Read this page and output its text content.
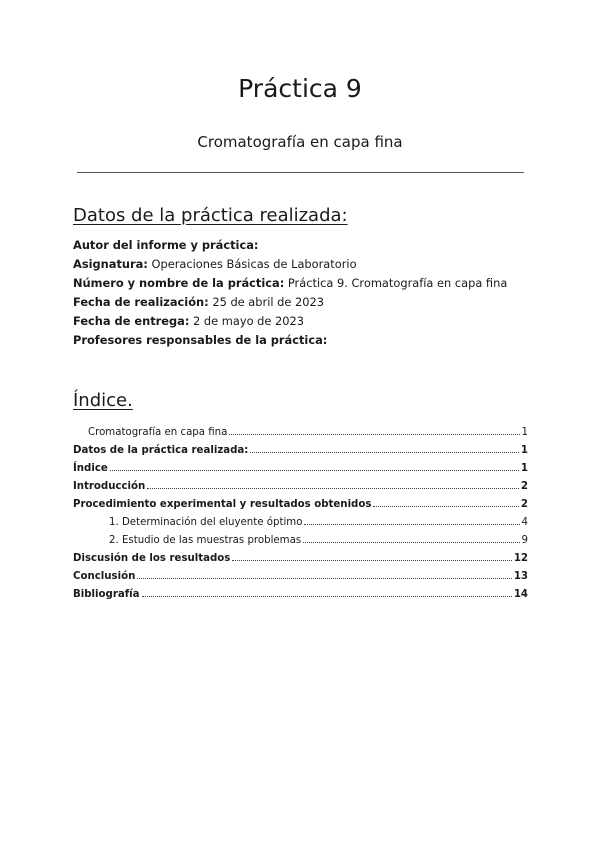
Práctica 9
Cromatografía en capa fina
Datos de la práctica realizada:
Autor del informe y práctica:
Asignatura: Operaciones Básicas de Laboratorio
Número y nombre de la práctica: Práctica 9. Cromatografía en capa fina
Fecha de realización: 25 de abril de 2023
Fecha de entrega: 2 de mayo de 2023
Profesores responsables de la práctica:
Índice.
Cromatografía en capa fina	1
Datos de la práctica realizada:	1
Índice	1
Introducción	2
Procedimiento experimental y resultados obtenidos	2
1. Determinación del eluyente óptimo	4
2. Estudio de las muestras problemas	9
Discusión de los resultados	12
Conclusión	13
Bibliografía	14
